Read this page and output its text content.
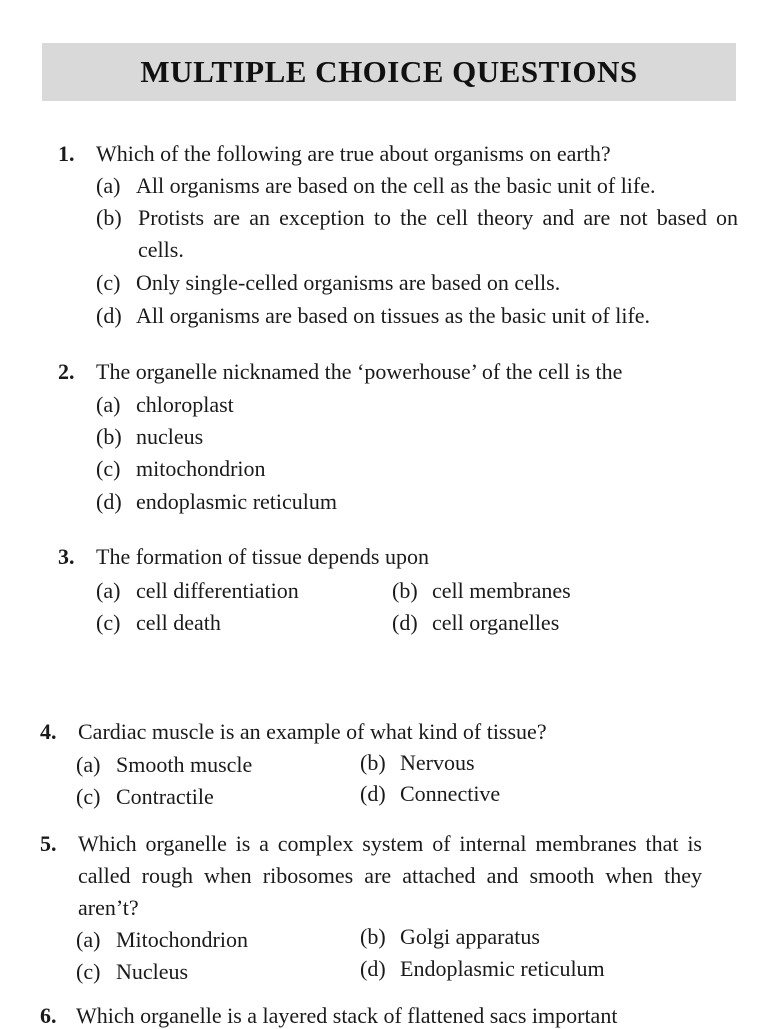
MULTIPLE CHOICE QUESTIONS
1. Which of the following are true about organisms on earth?
(a) All organisms are based on the cell as the basic unit of life.
(b) Protists are an exception to the cell theory and are not based on cells.
(c) Only single-celled organisms are based on cells.
(d) All organisms are based on tissues as the basic unit of life.
2. The organelle nicknamed the ‘powerhouse’ of the cell is the
(a) chloroplast
(b) nucleus
(c) mitochondrion
(d) endoplasmic reticulum
3. The formation of tissue depends upon
(a) cell differentiation	(b) cell membranes
(c) cell death	(d) cell organelles
4. Cardiac muscle is an example of what kind of tissue?
(a) Smooth muscle	(b) Nervous
(c) Contractile	(d) Connective
5. Which organelle is a complex system of internal membranes that is called rough when ribosomes are attached and smooth when they aren’t?
(a) Mitochondrion	(b) Golgi apparatus
(c) Nucleus	(d) Endoplasmic reticulum
6. Which organelle is a layered stack of flattened sacs important
